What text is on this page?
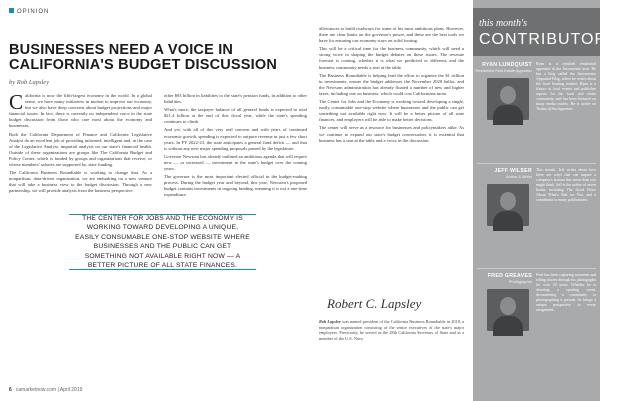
OPINION
BUSINESSES NEED A VOICE IN CALIFORNIA'S BUDGET DISCUSSION
by Rob Lapsley

California is now the fifth-largest economy in the world. In a global sense, we have many initiatives in motion to improve our economy, but we also have deep concerns about budget projections and major financial issues. In fact, there is currently no independent voice in the state budget discussion from those who care most about the economy and businesses.

Both the California Department of Finance and California Legislative Analyst do an excellent job of providing informed, intelligent and, in the case of the Legislative Analyst, impartial analysis on our state's financial health. Outside of these organizations are groups like The California Budget and Policy Center, which is funded by groups and organizations that receive, or whose members' salaries are supported by, state funding.

The California Business Roundtable is working to change that. As a nonpartisan, data-driven organization, we are embarking on a new venture that will take a business view to the budget discussion. Through a new partnership, we will provide analysis from the business perspective.

other $93 billion in liabilities to the state's pension funds, in addition to other liabilities.

What's more, the taxpayer balance of all general funds is expected to total $21.4 billion at the end of this fiscal year, while the state's spending continues to climb.

And yet, with all of this very real concern and with years of continued economic growth, spending is expected to outpace revenue in just a few short years. In FY 2022-23, the state anticipates a general fund deficit — and that is without any new major spending proposals passed by the legislature.

Governor Newsom has already outlined an ambitious agenda that will require new — or increased — investment in the state's budget over the coming years.

The governor is the most important elected official in the budget-making process. During the budget year and beyond, this year, Newsom's proposed budget contains investments in ongoing funding, meaning it is not a one-time expenditure.

THE CENTER FOR JOBS AND THE ECONOMY IS WORKING TOWARD DEVELOPING A UNIQUE, EASILY CONSUMABLE ONE-STOP WEBSITE WHERE BUSINESSES AND THE PUBLIC CAN GET SOMETHING NOT AVAILABLE RIGHT NOW — A BETTER PICTURE OF ALL STATE FINANCES.

allowances to build roadways for some of his most ambitious plans. However, there are clear limits on the governor's power, and these are the best tools we have for ensuring our economy stays on solid footing.

This will be a critical time for the business community, which will need a strong voice in shaping the budget debates on these issues. The revenue forecast is coming, whether it is what we predicted or different, and the business community needs a seat at the table.

The Business Roundtable is helping lead the effort to organize the $1 trillion in investments, ensure the budget addresses the November 2020 ballot, and the Newsom administration has already floated a number of new and higher taxes, including one on business, which could cost Californians more.

The Center for Jobs and the Economy is working toward developing a single, easily consumable one-stop website where businesses and the public can get something not available right now. It will be a better picture of all state finances, and employers will be able to make better decisions.

The center will serve as a resource for businesses and policymakers alike. As we continue to expand our state's budget conversation, it is essential that business has a seat at the table and a voice in the discussion.

Robert C. Lapsley
Rob Lapsley was named president of the California Business Roundtable in 2018, a nonpartisan organization consisting of the senior executives of the state's major employers. Previously, he served as the 28th California Secretary of State and as a member of the U.S. Navy.
6 camarketnow.com | April 2019
this month's
CONTRIBUTORS
RYAN LUNDQUIST
Residential Real Estate Appraiser
Ryan is a certified residential appraiser in the Sacramento area. He has a blog called the Sacramento Appraisal Blog, where he writes about the local housing market. Ryan is a fixture at local events and publishes reports for the local real estate community, and has been featured on many media outlets. He is active on Twitter @SacAppraiser.
JEFF WILSER
Author & Writer
This month, Jeff writes about how there are ways that can impact a company's bottom line more than you might think. Jeff is the author of seven books, including The Good News About What's Bad for You, and a contributor to many publications.
FRED GREAVES
Photographer
Fred has been capturing moments and telling stories through his photographs for over 20 years. Whether he is shooting a sporting event, documenting a community or photographing a portrait, he brings a unique perspective to every assignment.
